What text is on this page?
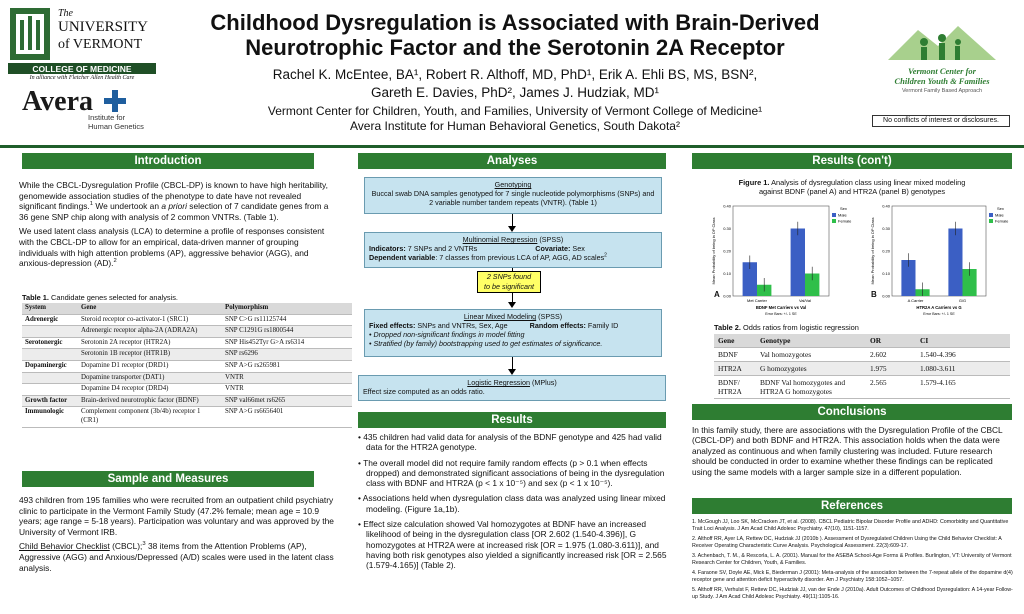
The
UNIVERSITY
of VERMONT
COLLEGE OF MEDICINE
In alliance with Fletcher Allen Health Care
Avera
Institute for
Human Genetics
Vermont Center for
Children Youth & Families
Vermont Family Based Approach
Childhood Dysregulation is Associated with Brain-Derived
Neurotrophic Factor and the Serotonin 2A Receptor
Rachel K. McEntee, BA¹, Robert R. Althoff, MD, PhD¹, Erik A. Ehli BS, MS, BSN²,
Gareth E. Davies, PhD², James J. Hudziak, MD¹
Vermont Center for Children, Youth, and Families, University of Vermont College of Medicine¹
Avera Institute for Human Behavioral Genetics, South Dakota²	No conflicts of interest or disclosures.
Introduction

While the CBCL-Dysregulation Profile (CBCL-DP) is known to have high heritability, genomewide association studies of the phenotype to date have not revealed significant findings.$^1$ We undertook an a priori selection of 7 candidate genes from a 36 gene SNP chip along with analysis of 2 common VNTRs. (Table 1).

We used latent class analysis (LCA) to determine a profile of responses consistent with the CBCL-DP to allow for an empirical, data-driven manner of grouping individuals with high attention problems (AP), aggressive behavior (AGG), and anxious-depression (AD).$^2$

Table 1. Candidate genes selected for analysis.
System	Gene	Polymorphism
Adrenergic	Steroid receptor co-activator-1 (SRC1)	SNP C>G rs11125744
	Adrenergic receptor alpha-2A (ADRA2A)	SNP C1291G rs1800544
Serotonergic	Serotonin 2A receptor (HTR2A)	SNP His452Tyr G>A rs6314
	Serotonin 1B receptor (HTR1B)	SNP rs6296
Dopaminergic	Dopamine D1 receptor (DRD1)	SNP A>G rs265981
	Dopamine transporter (DAT1)	VNTR
	Dopamine D4 receptor (DRD4)	VNTR
Growth factor	Brain-derived neurotrophic factor (BDNF)	SNP val66met rs6265
Immunologic	Complement component (3b/4b) receptor 1 (CR1)	SNP A>G rs6656401
Sample and Measures

493 children from 195 families who were recruited from an outpatient child psychiatry clinic to participate in the Vermont Family Study (47.2% female; mean age = 10.9 years; age range = 5-18 years). Participation was voluntary and was approved by the University of Vermont IRB.

Child Behavior Checklist (CBCL);$^3$ 38 items from the Attention Problems (AP), Aggressive (AGG) and Anxious/Depressed (A/D) scales were used in the latent class analysis.

Analyses
Genotyping
Buccal swab DNA samples genotyped for 7 single nucleotide polymorphisms (SNPs) and 2 variable number tandem repeats (VNTR). (Table 1)
Multinomial Regression (SPSS)
Indicators: 7 SNPs and 2 VNTRs	Covariate: Sex
Dependent variable: 7 classes from previous LCA of AP, AGG, AD scales$^2$
2 SNPs found
to be significant
Linear Mixed Modeling (SPSS)
Fixed effects: SNPs and VNTRs, Sex, Age	Random effects: Family ID
• Dropped non-significant findings in model fitting
• Stratified (by family) bootstrapping used to get estimates of significance.
Logistic Regression (MPlus)
Effect size computed as an odds ratio.
Results
• 435 children had valid data for analysis of the BDNF genotype and 425 had valid data for the HTR2A genotype.
• The overall model did not require family random effects (p > 0.1 when effects dropped) and demonstrated significant associations of being in the dysregulation class with BDNF and HTR2A (p < 1 x 10⁻⁵) and sex (p < 1 x 10⁻⁵).
• Associations held when dysregulation class data was analyzed using linear mixed modeling. (Figure 1a,1b).
• Effect size calculation showed Val homozygotes at BDNF have an increased likelihood of being in the dysregulation class [OR 2.602 (1.540-4.396)], G homozygotes at HTR2A were at increased risk [OR = 1.975 (1.080-3.611)], and having both risk genotypes also yielded a significantly increased risk [OR = 2.565 (1.579-4.165)] (Table 2).
Results (con't)
Figure 1. Analysis of dysregulation class using linear mixed modeling
against BDNF (panel A) and HTR2A (panel B) genotypes
0.00
0.10
0.20
0.30
0.40
Mean Probability of being in DP Class
Met Carrier	Val/Val
BDNF Met Carriers vs Val
Error Bars: +/- 1 SE
Sex
Male
Female
0.00
0.10
0.20
0.30
0.40
Mean Probability of being in DP Class
A Carrier	G/G
HTR2A A Carriers vs G
Error Bars: +/- 1 SE
Sex
Male
Female
A	B
Table 2. Odds ratios from logistic regression
Gene	Genotype	OR	CI
BDNF	Val homozygotes	2.602	1.540-4.396
HTR2A	G homozygotes	1.975	1.080-3.611
BDNF/ HTR2A	BDNF Val homozygotes and HTR2A G homozygotes	2.565	1.579-4.165
Conclusions
In this family study, there are associations with the Dysregulation Profile of the CBCL (CBCL-DP) and both BDNF and HTR2A. This association holds when the data were analyzed as continuous and when family clustering was included. Future research should be conducted in order to examine whether these findings can be replicated using the same models with a larger sample size in a different population.
References

1. McGough JJ, Loo SK, McCracken JT, et al. (2008). CBCL Pediatric Bipolar Disorder Profile and ADHD: Comorbidity and Quantitative Trait Loci Analysis. J Am Acad Child Adolesc Psychiatry. 47(10), 1151-1157.

2. Althoff RR, Ayer LA, Rettew DC, Hudziak JJ (2010b ). Assessment of Dysregulated Children Using the Child Behavior Checklist: A Receiver Operating Characteristic Curve Analysis. Psychological Assessment. 22(3):609-17.

3. Achenbach, T. M., & Rescorla, L. A. (2001). Manual for the ASEBA School-Age Forms & Profiles. Burlington, VT: University of Vermont Research Center for Children, Youth, & Families.

4. Faraone SV, Doyle AE, Mick E, Biederman J (2001): Meta-analysis of the association between the 7-repeat allele of the dopamine d(4) receptor gene and attention deficit hyperactivity disorder. Am J Psychiatry 158:1052–1057.

5. Althoff RR, Verhulst F, Rettew DC, Hudziak JJ, van der Ende J (2010a). Adult Outcomes of Childhood Dysregulation: A 14-year Follow-up Study. J Am Acad Child Adolesc Psychiatry. 49(11):1105-16.
